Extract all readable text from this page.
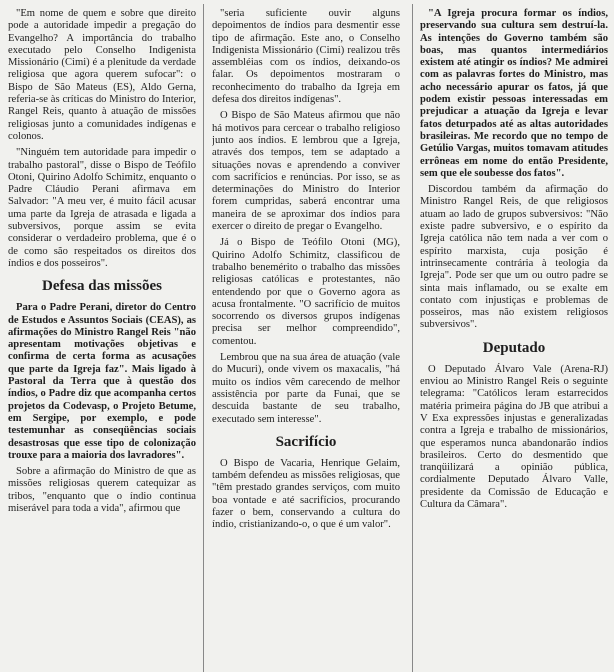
"Em nome de quem e sobre que direito pode a autoridade impedir a pregação do Evangelho? A importância do trabalho executado pelo Conselho Indigenista Missionário (Cimi) é a plenitude da verdade religiosa que agora querem sufocar": o Bispo de São Mateus (ES), Aldo Gerna, referia-se às críticas do Ministro do Interior, Rangel Reis, quanto à atuação de missões religiosas junto a comunidades indígenas e colonos.

"Ninguém tem autoridade para impedir o trabalho pastoral", disse o Bispo de Teófilo Otoni, Quirino Adolfo Schimitz, enquanto o Padre Cláudio Perani afirmava em Salvador: "A meu ver, é muito fácil acusar uma parte da Igreja de atrasada e ligada a subversivos, porque assim se evita considerar o verdadeiro problema, que é o de como são respeitados os direitos dos índios e dos posseiros".

Defesa das missões

Para o Padre Perani, diretor do Centro de Estudos e Assuntos Sociais (CEAS), as afirmações do Ministro Rangel Reis "não apresentam motivações objetivas e confirma de certa forma as acusações que parte da Igreja faz". Mais ligado à Pastoral da Terra que à questão dos índios, o Padre diz que acompanha certos projetos da Codevasp, o Projeto Betume, em Sergipe, por exemplo, e pode testemunhar as conseqüências sociais desastrosas que esse tipo de colonização trouxe para a maioria dos lavradores".

Sobre a afirmação do Ministro de que as missões religiosas querem catequizar as tribos, "enquanto que o índio continua miserável para toda a vida", afirmou que

"seria suficiente ouvir alguns depoimentos de índios para desmentir esse tipo de afirmação. Este ano, o Conselho Indigenista Missionário (Cimi) realizou três assembléias com os índios, deixando-os falar. Os depoimentos mostraram o reconhecimento do trabalho da Igreja em defesa dos direitos indígenas".

O Bispo de São Mateus afirmou que não há motivos para cercear o trabalho religioso junto aos índios. E lembrou que a Igreja, através dos tempos, tem se adaptado a situações novas e aprendendo a conviver com sacrifícios e renúncias. Por isso, se as determinações do Ministro do Interior forem cumpridas, saberá encontrar uma maneira de se aproximar dos índios para exercer o direito de pregar o Evangelho.

Já o Bispo de Teófilo Otoni (MG), Quirino Adolfo Schimitz, classificou de trabalho benemérito o trabalho das missões religiosas católicas e protestantes, não entendendo por que o Governo agora as acusa frontalmente. "O sacrifício de muitos socorrendo os diversos grupos indígenas precisa ser melhor compreendido", comentou.

Lembrou que na sua área de atuação (vale do Mucuri), onde vivem os maxacalis, "há muito os índios vêm carecendo de melhor assistência por parte da Funai, que se descuida bastante de seu trabalho, executado sem interesse".

Sacrifício

O Bispo de Vacaria, Henrique Gelaim, também defendeu as missões religiosas, que "têm prestado grandes serviços, com muito boa vontade e até sacrifícios, procurando fazer o bem, conservando a cultura do índio, cristianizando-o, o que é um valor".

"A Igreja procura formar os índios, preservando sua cultura sem destruí-la. As intenções do Governo também são boas, mas quantos intermediários existem até atingir os índios? Me admirei com as palavras fortes do Ministro, mas acho necessário apurar os fatos, já que podem existir pessoas interessadas em prejudicar a atuação da Igreja e levar fatos deturpados até as altas autoridades brasileiras. Me recordo que no tempo de Getúlio Vargas, muitos tomavam atitudes errôneas em nome do então Presidente, sem que ele soubesse dos fatos".

Discordou também da afirmação do Ministro Rangel Reis, de que religiosos atuam ao lado de grupos subversivos: "Não existe padre subversivo, e o espírito da Igreja católica não tem nada a ver com o espírito marxista, cuja posição é intrinsecamente contrária à teologia da Igreja". Pode ser que um ou outro padre se sinta mais inflamado, ou se exalte em contato com injustiças e problemas de posseiros, mas não existem religiosos subversivos".

Deputado

O Deputado Álvaro Vale (Arena-RJ) enviou ao Ministro Rangel Reis o seguinte telegrama: "Católicos leram estarrecidos matéria primeira página do JB que atribui a V Exa expressões injustas e generalizadas contra a Igreja e trabalho de missionários, que esperamos nunca abandonarão índios brasileiros. Certo do desmentido que tranqüilizará a opinião pública, cordialmente Deputado Álvaro Valle, presidente da Comissão de Educação e Cultura da Câmara".
